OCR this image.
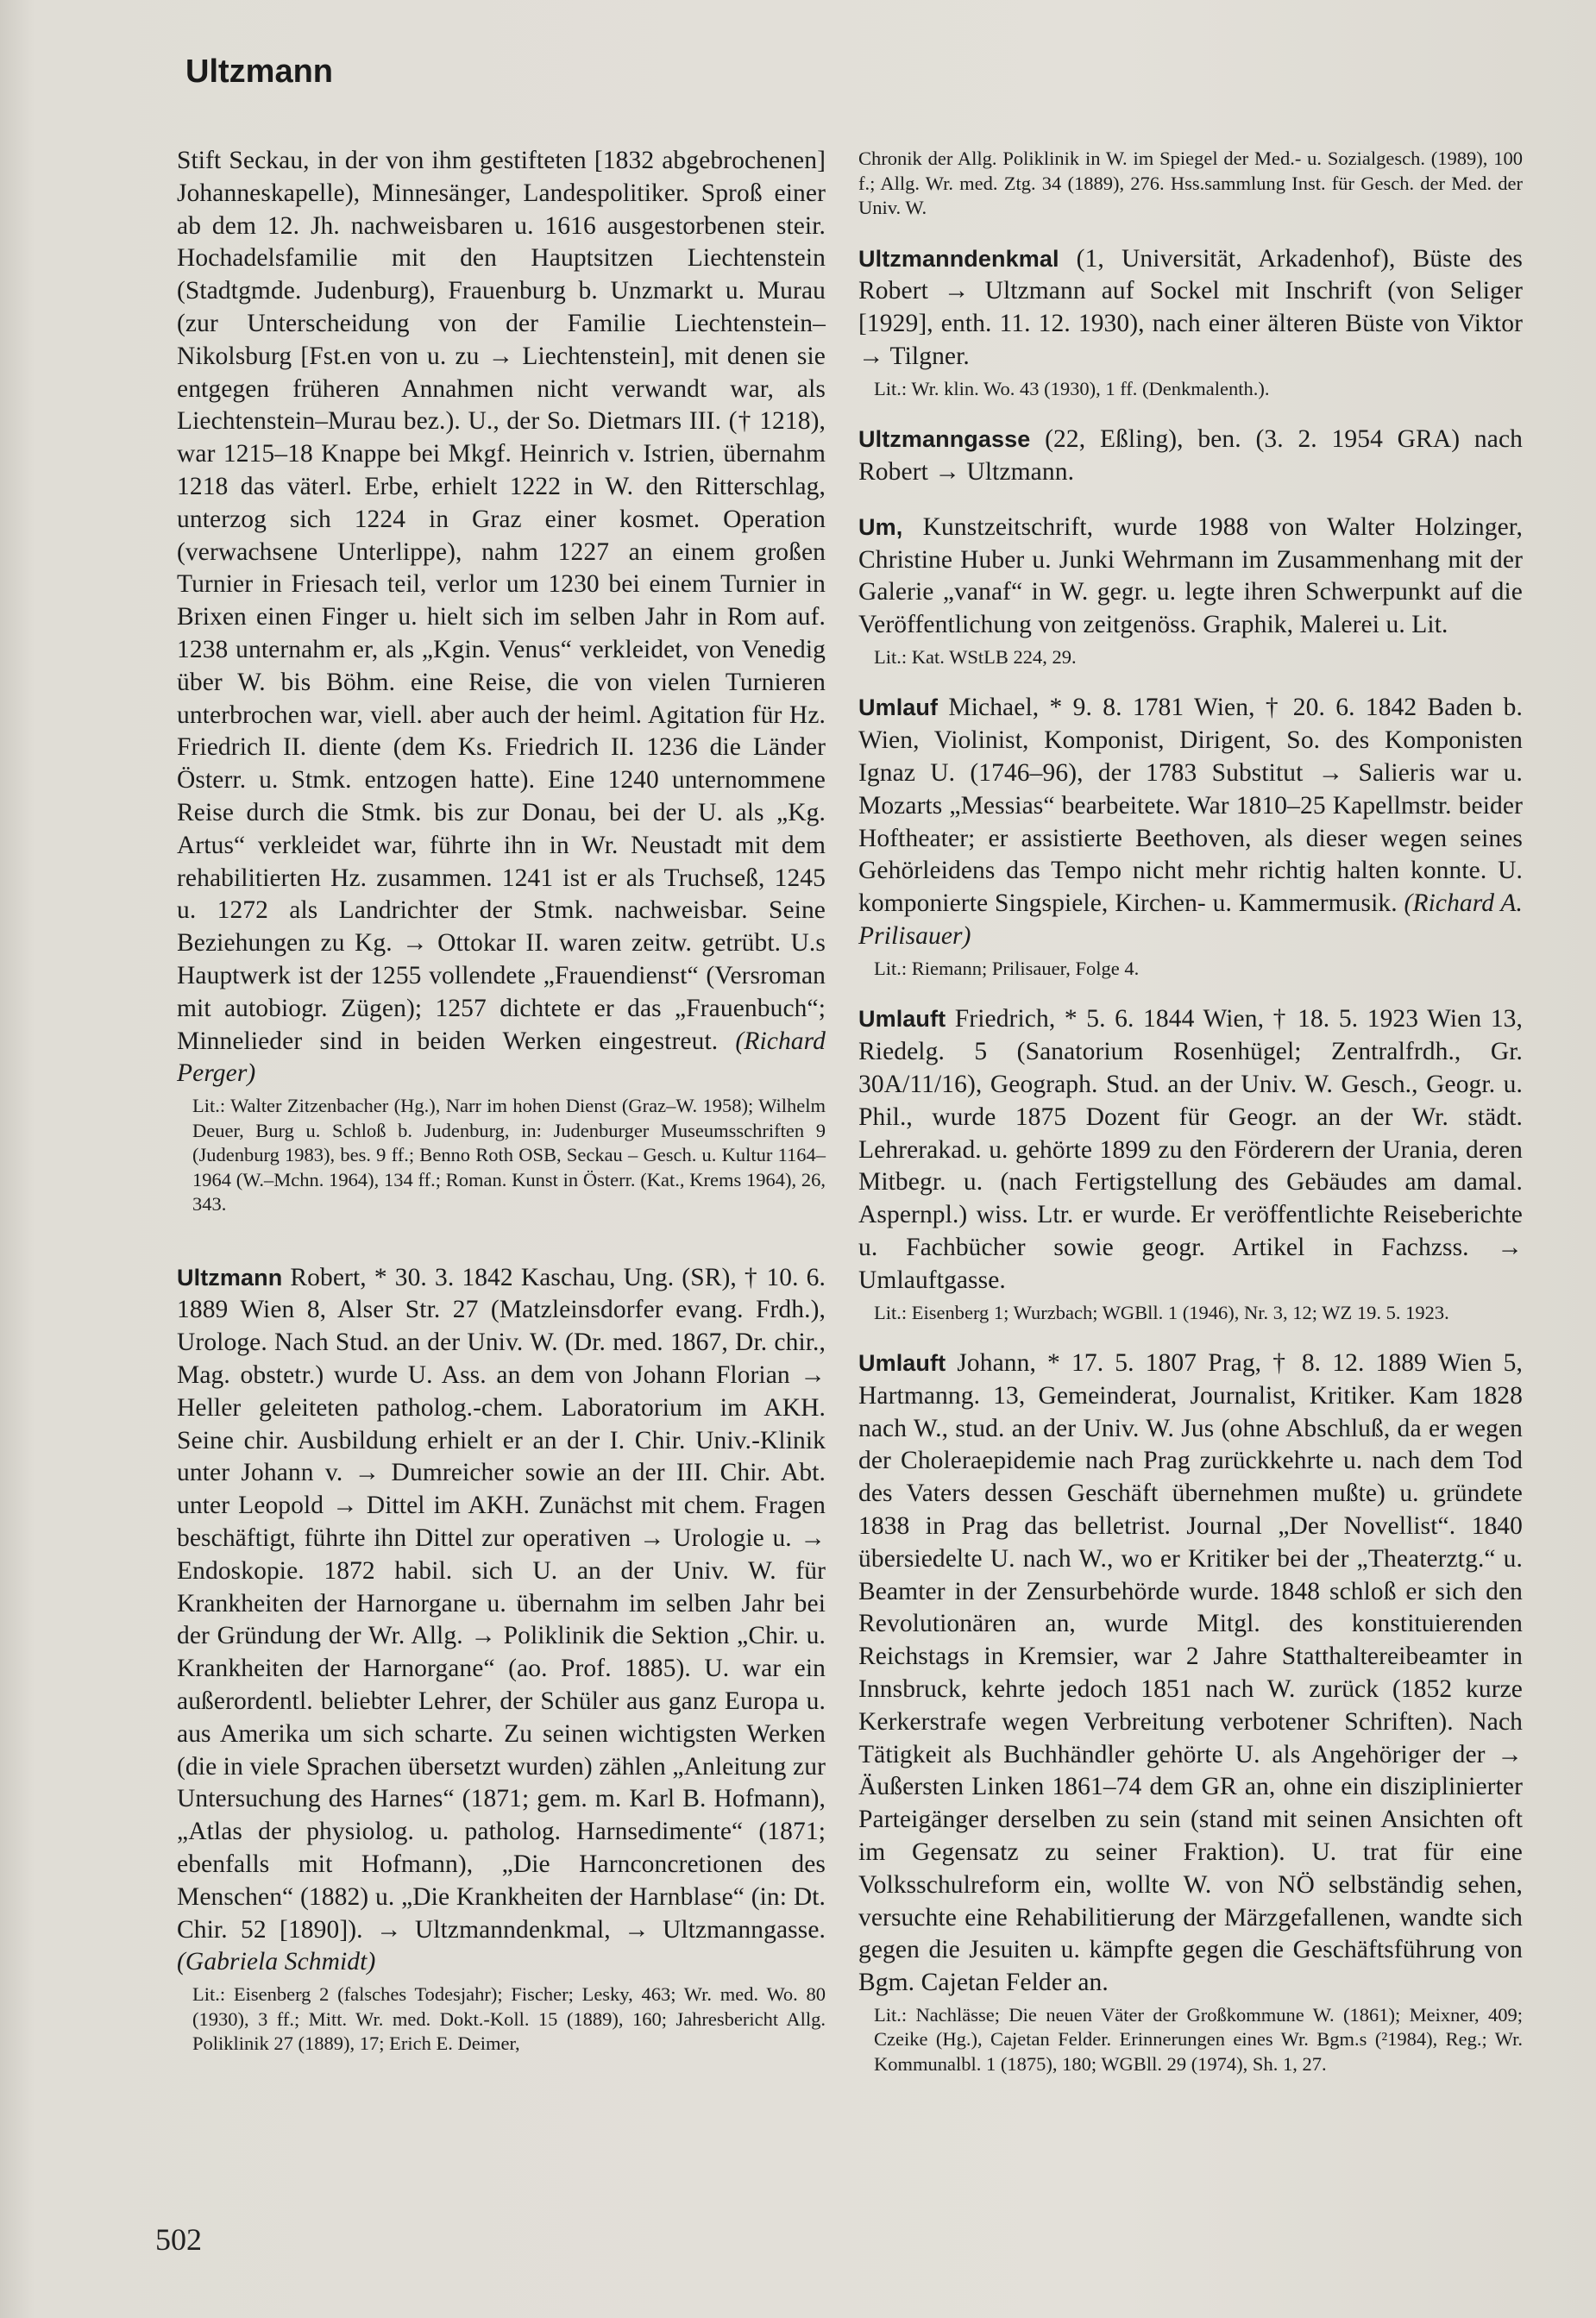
Ultzmann

Stift Seckau, in der von ihm gestifteten [1832 abgebrochenen] Johanneskapelle), Minnesänger, Landespolitiker. Sproß einer ab dem 12. Jh. nachweisbaren u. 1616 ausgestorbenen steir. Hochadelsfamilie mit den Hauptsitzen Liechtenstein (Stadtgmde. Judenburg), Frauenburg b. Unzmarkt u. Murau (zur Unterscheidung von der Familie Liechtenstein–Nikolsburg [Fst.en von u. zu → Liechtenstein], mit denen sie entgegen früheren Annahmen nicht verwandt war, als Liechtenstein–Murau bez.). U., der So. Dietmars III. († 1218), war 1215–18 Knappe bei Mkgf. Heinrich v. Istrien, übernahm 1218 das väterl. Erbe, erhielt 1222 in W. den Ritterschlag, unterzog sich 1224 in Graz einer kosmet. Operation (verwachsene Unterlippe), nahm 1227 an einem großen Turnier in Friesach teil, verlor um 1230 bei einem Turnier in Brixen einen Finger u. hielt sich im selben Jahr in Rom auf. 1238 unternahm er, als „Kgin. Venus“ verkleidet, von Venedig über W. bis Böhm. eine Reise, die von vielen Turnieren unterbrochen war, viell. aber auch der heiml. Agitation für Hz. Friedrich II. diente (dem Ks. Friedrich II. 1236 die Länder Österr. u. Stmk. entzogen hatte). Eine 1240 unternommene Reise durch die Stmk. bis zur Donau, bei der U. als „Kg. Artus“ verkleidet war, führte ihn in Wr. Neustadt mit dem rehabilitierten Hz. zusammen. 1241 ist er als Truchseß, 1245 u. 1272 als Landrichter der Stmk. nachweisbar. Seine Beziehungen zu Kg. → Ottokar II. waren zeitw. getrübt. U.s Hauptwerk ist der 1255 vollendete „Frauendienst“ (Versroman mit autobiogr. Zügen); 1257 dichtete er das „Frauenbuch“; Minnelieder sind in beiden Werken eingestreut. (Richard Perger)

Lit.: Walter Zitzenbacher (Hg.), Narr im hohen Dienst (Graz–W. 1958); Wilhelm Deuer, Burg u. Schloß b. Judenburg, in: Judenburger Museumsschriften 9 (Judenburg 1983), bes. 9 ff.; Benno Roth OSB, Seckau – Gesch. u. Kultur 1164–1964 (W.–Mchn. 1964), 134 ff.; Roman. Kunst in Österr. (Kat., Krems 1964), 26, 343.

Ultzmann Robert, * 30. 3. 1842 Kaschau, Ung. (SR), † 10. 6. 1889 Wien 8, Alser Str. 27 (Matzleinsdorfer evang. Frdh.), Urologe. Nach Stud. an der Univ. W. (Dr. med. 1867, Dr. chir., Mag. obstetr.) wurde U. Ass. an dem von Johann Florian → Heller geleiteten patholog.-chem. Laboratorium im AKH. Seine chir. Ausbildung erhielt er an der I. Chir. Univ.-Klinik unter Johann v. → Dumreicher sowie an der III. Chir. Abt. unter Leopold → Dittel im AKH. Zunächst mit chem. Fragen beschäftigt, führte ihn Dittel zur operativen → Urologie u. → Endoskopie. 1872 habil. sich U. an der Univ. W. für Krankheiten der Harnorgane u. übernahm im selben Jahr bei der Gründung der Wr. Allg. → Poliklinik die Sektion „Chir. u. Krankheiten der Harnorgane“ (ao. Prof. 1885). U. war ein außerordentl. beliebter Lehrer, der Schüler aus ganz Europa u. aus Amerika um sich scharte. Zu seinen wichtigsten Werken (die in viele Sprachen übersetzt wurden) zählen „Anleitung zur Untersuchung des Harnes“ (1871; gem. m. Karl B. Hofmann), „Atlas der physiolog. u. patholog. Harnsedimente“ (1871; ebenfalls mit Hofmann), „Die Harnconcretionen des Menschen“ (1882) u. „Die Krankheiten der Harnblase“ (in: Dt. Chir. 52 [1890]). → Ultzmanndenkmal, → Ultzmanngasse. (Gabriela Schmidt)

Lit.: Eisenberg 2 (falsches Todesjahr); Fischer; Lesky, 463; Wr. med. Wo. 80 (1930), 3 ff.; Mitt. Wr. med. Dokt.-Koll. 15 (1889), 160; Jahresbericht Allg. Poliklinik 27 (1889), 17; Erich E. Deimer,

Chronik der Allg. Poliklinik in W. im Spiegel der Med.- u. Sozialgesch. (1989), 100 f.; Allg. Wr. med. Ztg. 34 (1889), 276. Hss.sammlung Inst. für Gesch. der Med. der Univ. W.

Ultzmanndenkmal (1, Universität, Arkadenhof), Büste des Robert → Ultzmann auf Sockel mit Inschrift (von Seliger [1929], enth. 11. 12. 1930), nach einer älteren Büste von Viktor → Tilgner.

Lit.: Wr. klin. Wo. 43 (1930), 1 ff. (Denkmalenth.).

Ultzmanngasse (22, Eßling), ben. (3. 2. 1954 GRA) nach Robert → Ultzmann.

Um, Kunstzeitschrift, wurde 1988 von Walter Holzinger, Christine Huber u. Junki Wehrmann im Zusammenhang mit der Galerie „vanaf“ in W. gegr. u. legte ihren Schwerpunkt auf die Veröffentlichung von zeitgenöss. Graphik, Malerei u. Lit.

Lit.: Kat. WStLB 224, 29.

Umlauf Michael, * 9. 8. 1781 Wien, † 20. 6. 1842 Baden b. Wien, Violinist, Komponist, Dirigent, So. des Komponisten Ignaz U. (1746–96), der 1783 Substitut → Salieris war u. Mozarts „Messias“ bearbeitete. War 1810–25 Kapellmstr. beider Hoftheater; er assistierte Beethoven, als dieser wegen seines Gehörleidens das Tempo nicht mehr richtig halten konnte. U. komponierte Singspiele, Kirchen- u. Kammermusik. (Richard A. Prilisauer)

Lit.: Riemann; Prilisauer, Folge 4.

Umlauft Friedrich, * 5. 6. 1844 Wien, † 18. 5. 1923 Wien 13, Riedelg. 5 (Sanatorium Rosenhügel; Zentralfrdh., Gr. 30A/11/16), Geograph. Stud. an der Univ. W. Gesch., Geogr. u. Phil., wurde 1875 Dozent für Geogr. an der Wr. städt. Lehrerakad. u. gehörte 1899 zu den Förderern der Urania, deren Mitbegr. u. (nach Fertigstellung des Gebäudes am damal. Aspernpl.) wiss. Ltr. er wurde. Er veröffentlichte Reiseberichte u. Fachbücher sowie geogr. Artikel in Fachzss. → Umlauftgasse.

Lit.: Eisenberg 1; Wurzbach; WGBll. 1 (1946), Nr. 3, 12; WZ 19. 5. 1923.

Umlauft Johann, * 17. 5. 1807 Prag, † 8. 12. 1889 Wien 5, Hartmanng. 13, Gemeinderat, Journalist, Kritiker. Kam 1828 nach W., stud. an der Univ. W. Jus (ohne Abschluß, da er wegen der Choleraepidemie nach Prag zurückkehrte u. nach dem Tod des Vaters dessen Geschäft übernehmen mußte) u. gründete 1838 in Prag das belletrist. Journal „Der Novellist“. 1840 übersiedelte U. nach W., wo er Kritiker bei der „Theaterztg.“ u. Beamter in der Zensurbehörde wurde. 1848 schloß er sich den Revolutionären an, wurde Mitgl. des konstituierenden Reichstags in Kremsier, war 2 Jahre Statthaltereibeamter in Innsbruck, kehrte jedoch 1851 nach W. zurück (1852 kurze Kerkerstrafe wegen Verbreitung verbotener Schriften). Nach Tätigkeit als Buchhändler gehörte U. als Angehöriger der → Äußersten Linken 1861–74 dem GR an, ohne ein disziplinierter Parteigänger derselben zu sein (stand mit seinen Ansichten oft im Gegensatz zu seiner Fraktion). U. trat für eine Volksschulreform ein, wollte W. von NÖ selbständig sehen, versuchte eine Rehabilitierung der Märzgefallenen, wandte sich gegen die Jesuiten u. kämpfte gegen die Geschäftsführung von Bgm. Cajetan Felder an.

Lit.: Nachlässe; Die neuen Väter der Großkommune W. (1861); Meixner, 409; Czeike (Hg.), Cajetan Felder. Erinnerungen eines Wr. Bgm.s (²1984), Reg.; Wr. Kommunalbl. 1 (1875), 180; WGBll. 29 (1974), Sh. 1, 27.

502
